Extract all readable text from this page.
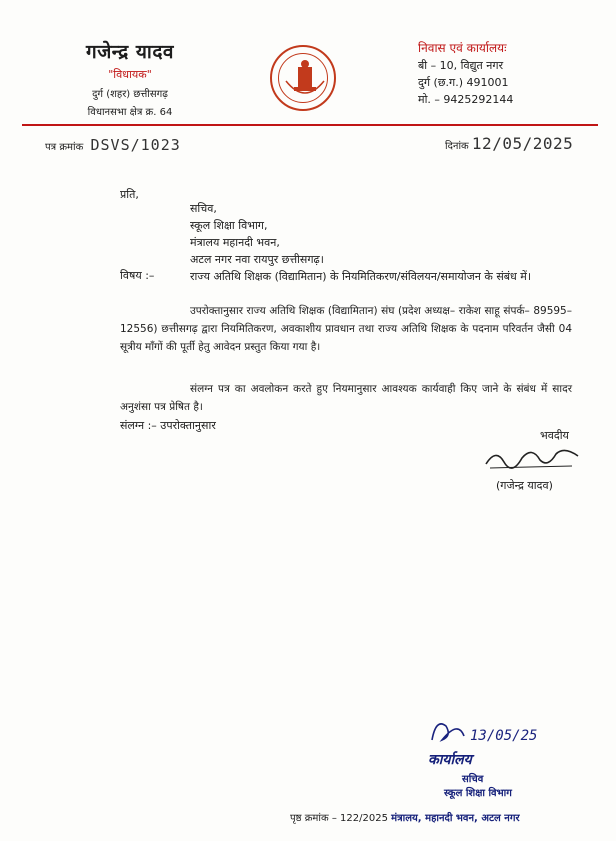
गजेन्द्र यादव
"विधायक"
दुर्ग (शहर) छत्तीसगढ़
विधानसभा क्षेत्र क्र. 64
निवास एवं कार्यालयः
बी – 10, विद्युत नगर
दुर्ग (छ.ग.) 491001
मो. – 9425292144
पत्र क्रमांक DSVS/1023	दिनांक 12/05/2025
प्रति,
सचिव,
स्कूल शिक्षा विभाग,
मंत्रालय महानदी भवन,
अटल नगर नवा रायपुर छत्तीसगढ़।
विषय :–	राज्य अतिथि शिक्षक (विद्यामितान) के नियमितिकरण/संविलयन/समायोजन के संबंध में।
उपरोक्तानुसार राज्य अतिथि शिक्षक (विद्यामितान) संघ (प्रदेश अध्यक्ष– राकेश साहू संपर्क– 89595–12556) छत्तीसगढ़ द्वारा नियमितिकरण, अवकाशीय प्रावधान तथा राज्य अतिथि शिक्षक के पदनाम परिवर्तन जैसी 04 सूत्रीय माँगों की पूर्ती हेतु आवेदन प्रस्तुत किया गया है।
संलग्न पत्र का अवलोकन करते हुए नियमानुसार आवश्यक कार्यवाही किए जाने के संबंध में सादर अनुशंसा पत्र प्रेषित है।
संलग्न :– उपरोक्तानुसार
भवदीय
(गजेन्द्र यादव)
13/05/25
कार्यालय
सचिव
स्कूल शिक्षा विभाग
पृष्ठ क्रमांक – 122/2025 मंत्रालय, महानदी भवन, अटल नगर
